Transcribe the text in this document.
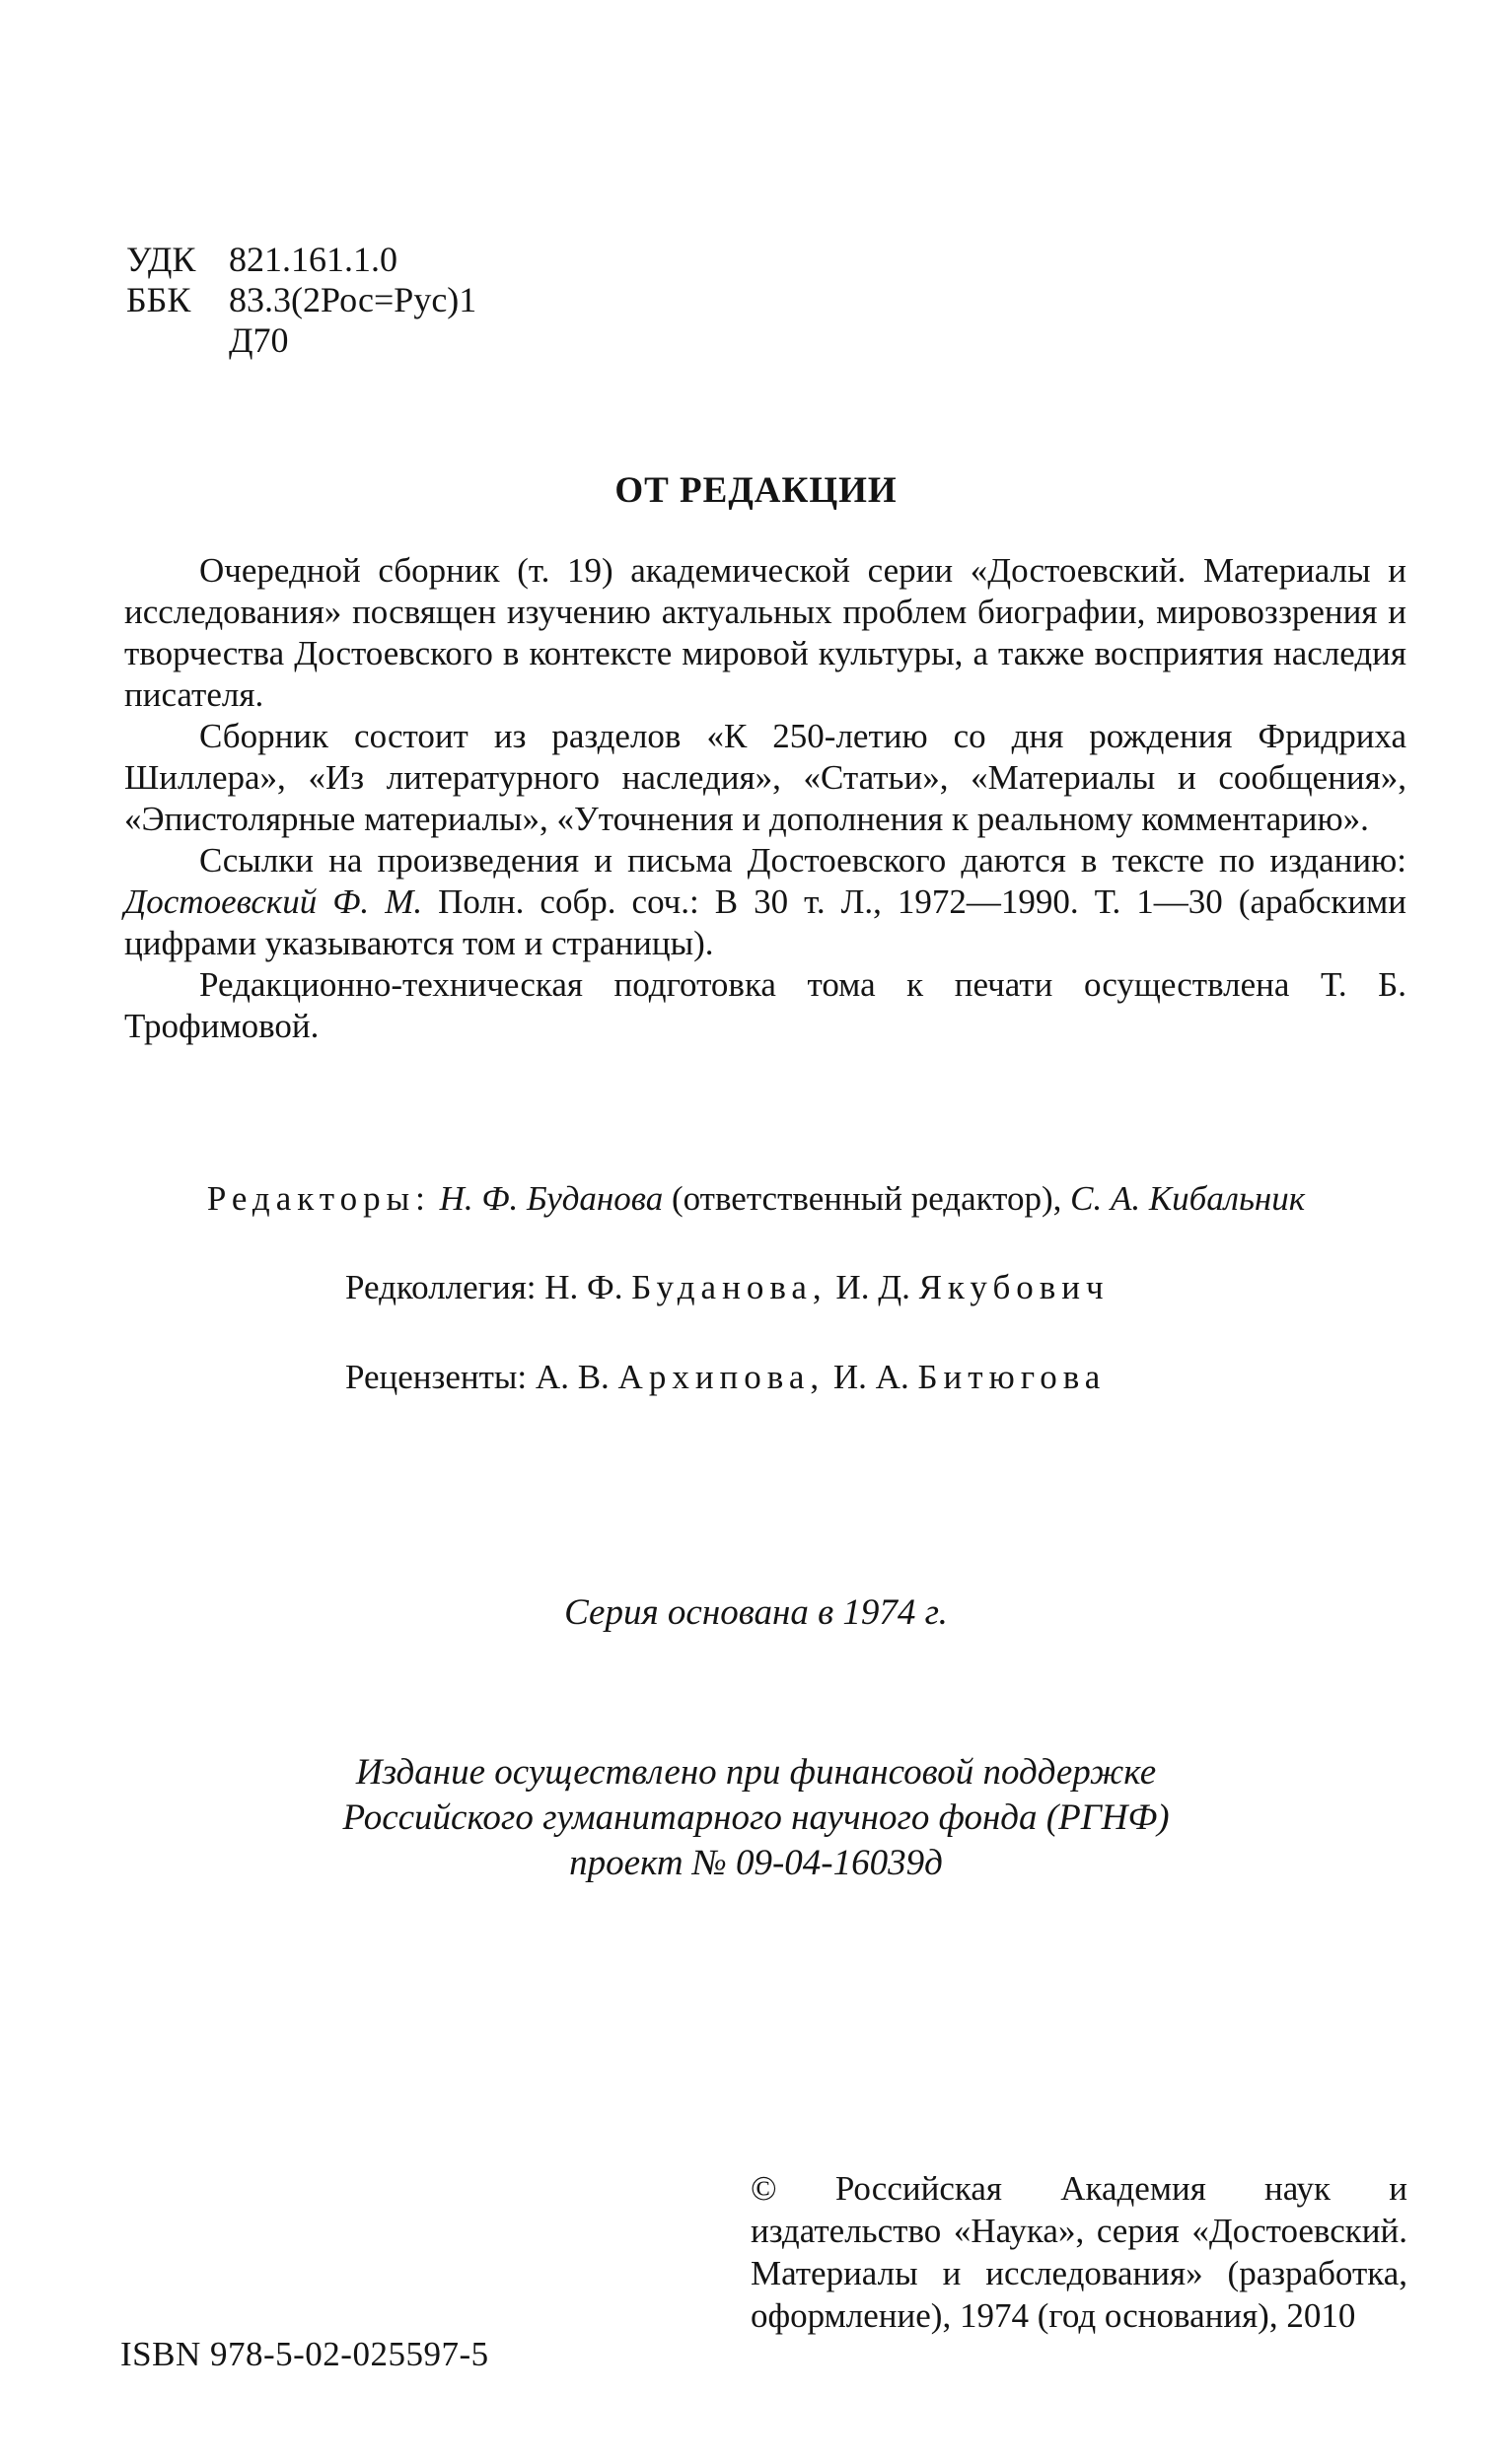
УДК 821.161.1.0
ББК	83.3(2Рос=Рус)1
Д70
ОТ РЕДАКЦИИ

Очередной сборник (т. 19) академической серии «Достоевский. Материалы и исследования» посвящен изучению актуальных проблем биографии, мировоззрения и творчества Достоевского в контексте мировой культуры, а также восприятия наследия писателя.

Сборник состоит из разделов «К 250-летию со дня рождения Фридриха Шиллера», «Из литературного наследия», «Статьи», «Материалы и сообщения», «Эпистолярные материалы», «Уточнения и дополнения к реальному комментарию».

Ссылки на произведения и письма Достоевского даются в тексте по изданию: Достоевский Ф. М. Полн. собр. соч.: В 30 т. Л., 1972—1990. Т. 1—30 (арабскими цифрами указываются том и страницы).

Редакционно-техническая подготовка тома к печати осуществлена Т. Б. Трофимовой.

Редакторы: Н. Ф. Буданова (ответственный редактор), С. А. Кибальник
Редколлегия: Н. Ф. Буданова, И. Д. Якубович
Рецензенты: А. В. Архипова, И. А. Битюгова
Серия основана в 1974 г.
Издание осуществлено при финансовой поддержке
Российского гуманитарного научного фонда (РГНФ)
проект № 09-04-16039д

© Российская Академия наук и издательство «Наука», серия «Достоевский. Материалы и исследования» (разработка, оформление), 1974 (год основания), 2010

ISBN 978-5-02-025597-5
